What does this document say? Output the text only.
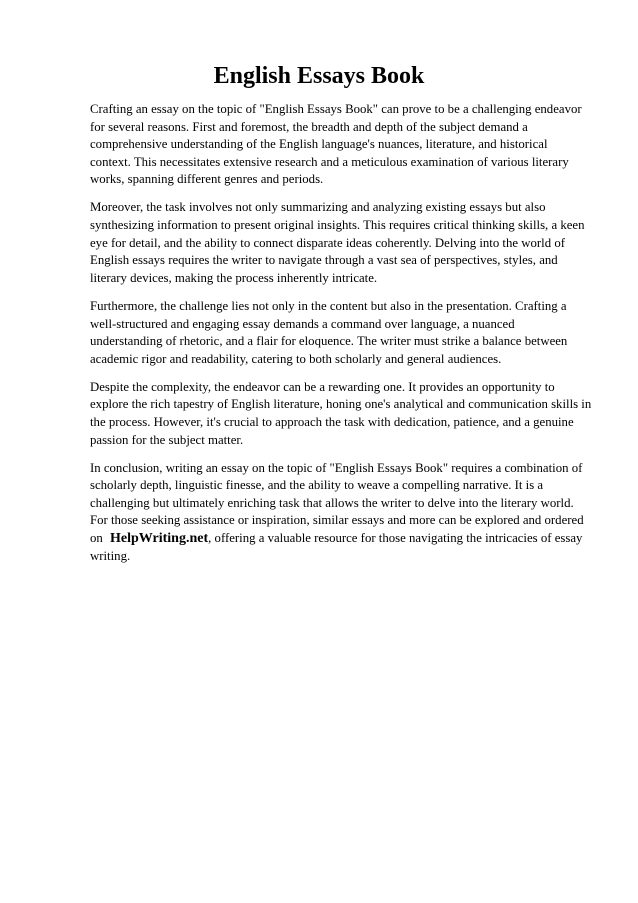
English Essays Book

Crafting an essay on the topic of "English Essays Book" can prove to be a challenging endeavor
for several reasons. First and foremost, the breadth and depth of the subject demand a
comprehensive understanding of the English language's nuances, literature, and historical
context. This necessitates extensive research and a meticulous examination of various literary
works, spanning different genres and periods.

Moreover, the task involves not only summarizing and analyzing existing essays but also
synthesizing information to present original insights. This requires critical thinking skills, a keen
eye for detail, and the ability to connect disparate ideas coherently. Delving into the world of
English essays requires the writer to navigate through a vast sea of perspectives, styles, and
literary devices, making the process inherently intricate.

Furthermore, the challenge lies not only in the content but also in the presentation. Crafting a
well-structured and engaging essay demands a command over language, a nuanced
understanding of rhetoric, and a flair for eloquence. The writer must strike a balance between
academic rigor and readability, catering to both scholarly and general audiences.

Despite the complexity, the endeavor can be a rewarding one. It provides an opportunity to
explore the rich tapestry of English literature, honing one's analytical and communication skills in
the process. However, it's crucial to approach the task with dedication, patience, and a genuine
passion for the subject matter.

In conclusion, writing an essay on the topic of "English Essays Book" requires a combination of
scholarly depth, linguistic finesse, and the ability to weave a compelling narrative. It is a
challenging but ultimately enriching task that allows the writer to delve into the literary world.
For those seeking assistance or inspiration, similar essays and more can be explored and ordered
on HelpWriting.net, offering a valuable resource for those navigating the intricacies of essay
writing.
